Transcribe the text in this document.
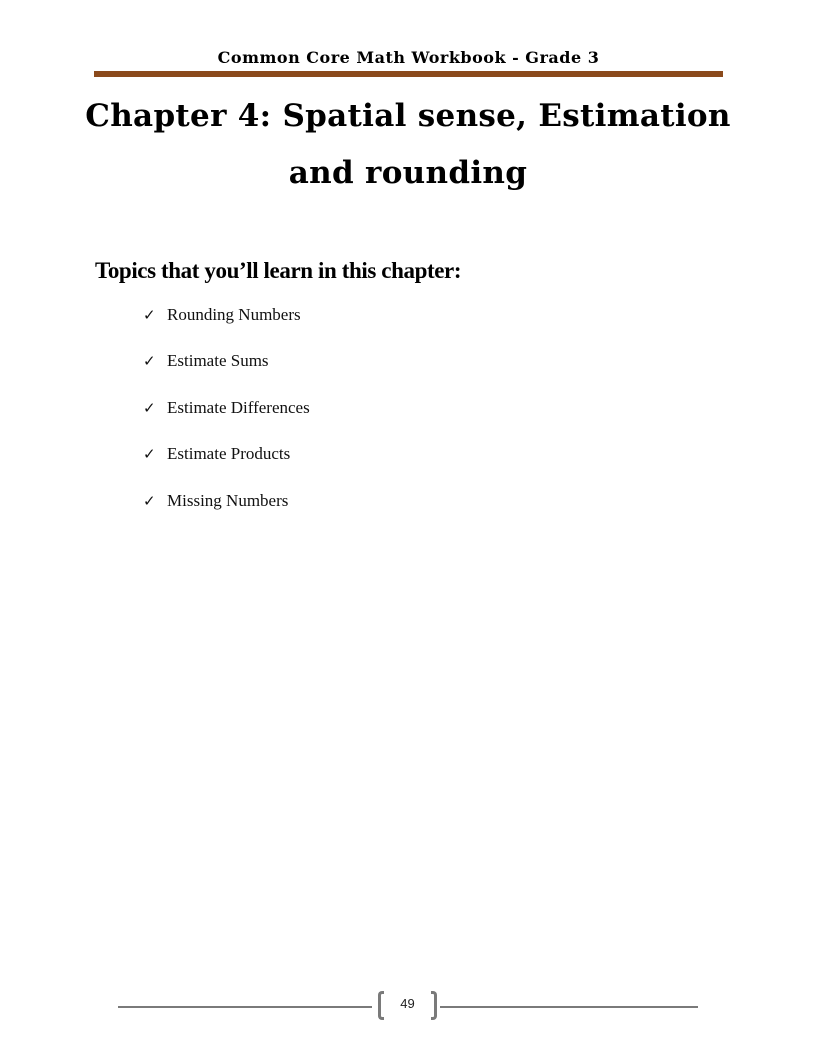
Common Core Math Workbook - Grade 3
Chapter 4: Spatial sense, Estimation
and rounding
Topics that you’ll learn in this chapter:
✓ Rounding Numbers
✓ Estimate Sums
✓ Estimate Differences
✓ Estimate Products
✓ Missing Numbers
49
